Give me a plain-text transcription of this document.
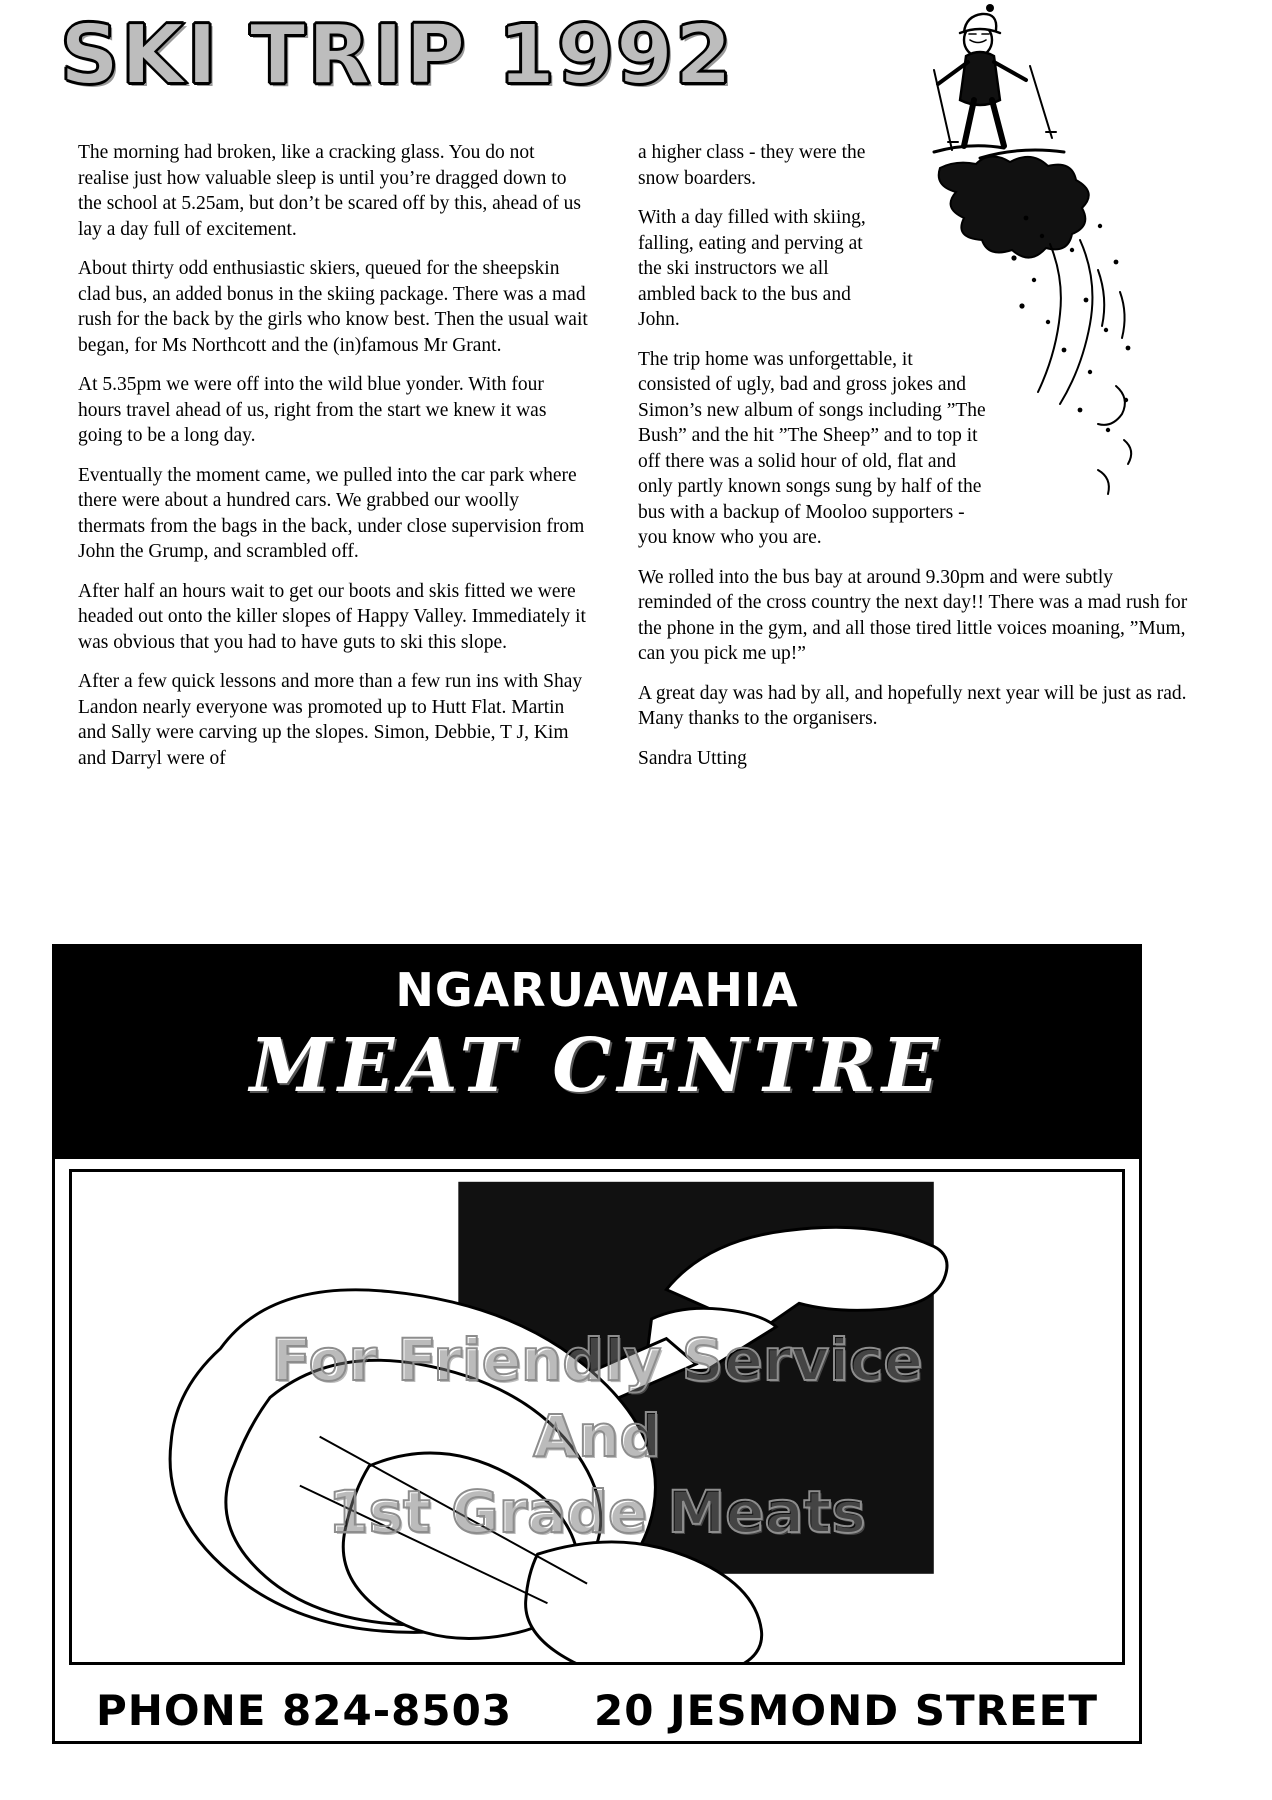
SKI TRIP 1992

The morning had broken, like a cracking glass. You do not realise just how valuable sleep is until you’re dragged down to the school at 5.25am, but don’t be scared off by this, ahead of us lay a day full of excitement.

About thirty odd enthusiastic skiers, queued for the sheepskin clad bus, an added bonus in the skiing package. There was a mad rush for the back by the girls who know best. Then the usual wait began, for Ms Northcott and the (in)famous Mr Grant.

At 5.35pm we were off into the wild blue yonder. With four hours travel ahead of us, right from the start we knew it was going to be a long day.

Eventually the moment came, we pulled into the car park where there were about a hundred cars. We grabbed our woolly thermats from the bags in the back, under close supervision from John the Grump, and scrambled off.

After half an hours wait to get our boots and skis fitted we were headed out onto the killer slopes of Happy Valley. Immediately it was obvious that you had to have guts to ski this slope.

After a few quick lessons and more than a few run ins with Shay Landon nearly everyone was promoted up to Hutt Flat. Martin and Sally were carving up the slopes. Simon, Debbie, T J, Kim and Darryl were of

a higher class - they were the snow boarders.

With a day filled with skiing, falling, eating and perving at the ski instructors we all ambled back to the bus and John.

The trip home was unforgettable, it consisted of ugly, bad and gross jokes and Simon’s new album of songs including ”The Bush” and the hit ”The Sheep” and to top it off there was a solid hour of old, flat and only partly known songs sung by half of the bus with a backup of Mooloo supporters - you know who you are.

We rolled into the bus bay at around 9.30pm and were subtly reminded of the cross country the next day!! There was a mad rush for the phone in the gym, and all those tired little voices moaning, ”Mum, can you pick me up!”

A great day was had by all, and hopefully next year will be just as rad. Many thanks to the organisers.

Sandra Utting
NGARUAWAHIA
MEAT CENTRE
PHONE 824-8503 20 JESMOND STREET
